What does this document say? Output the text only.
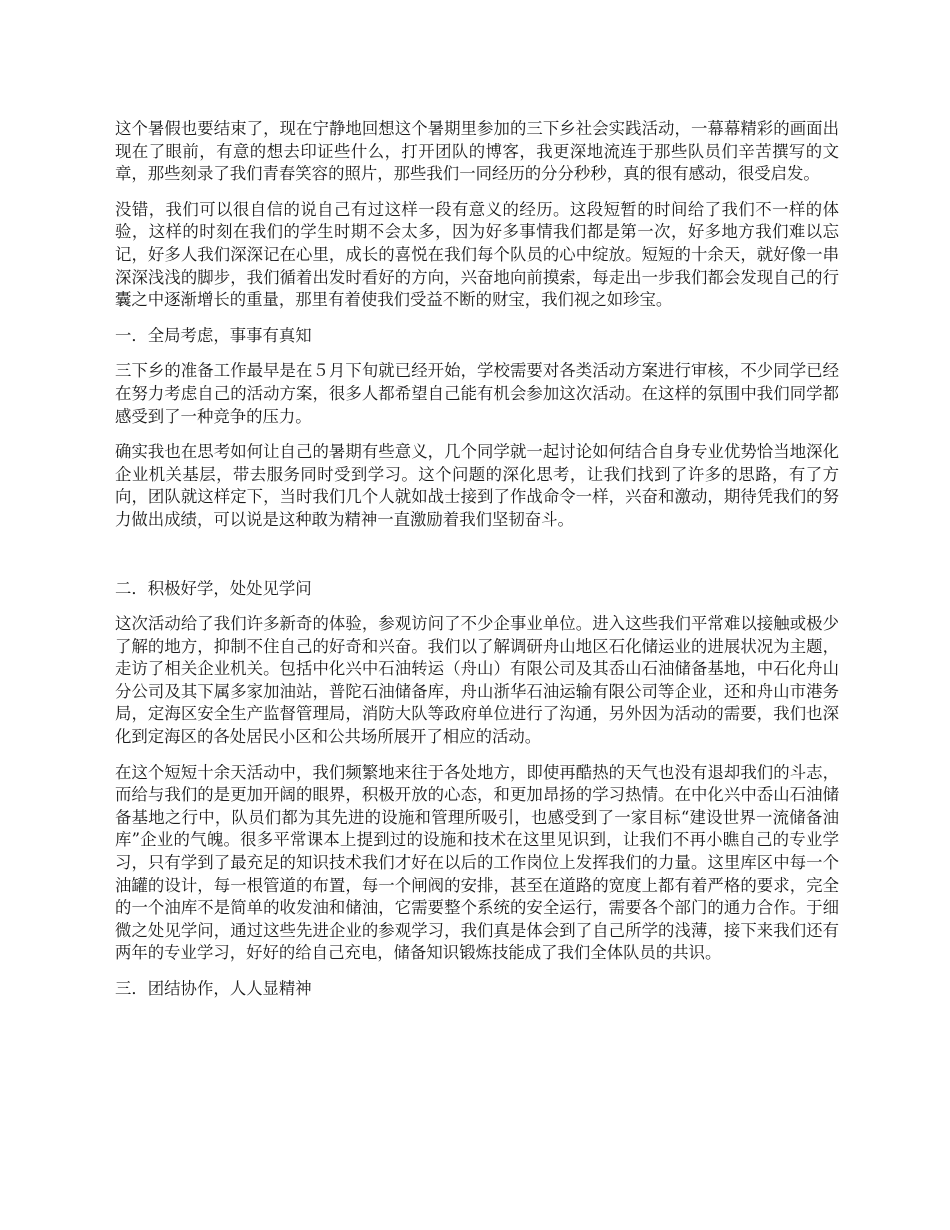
这个暑假也要结束了，现在宁静地回想这个暑期里参加的三下乡社会实践活动，一幕幕精彩的画面出现在了眼前，有意的想去印证些什么，打开团队的博客，我更深地流连于那些队员们辛苦撰写的文章，那些刻录了我们青春笑容的照片，那些我们一同经历的分分秒秒，真的很有感动，很受启发。

没错，我们可以很自信的说自己有过这样一段有意义的经历。这段短暂的时间给了我们不一样的体验，这样的时刻在我们的学生时期不会太多，因为好多事情我们都是第一次，好多地方我们难以忘记，好多人我们深深记在心里，成长的喜悦在我们每个队员的心中绽放。短短的十余天，就好像一串深深浅浅的脚步，我们循着出发时看好的方向，兴奋地向前摸索，每走出一步我们都会发现自己的行囊之中逐渐增长的重量，那里有着使我们受益不断的财宝，我们视之如珍宝。

一．全局考虑，事事有真知

三下乡的准备工作最早是在５月下旬就已经开始，学校需要对各类活动方案进行审核，不少同学已经在努力考虑自己的活动方案，很多人都希望自己能有机会参加这次活动。在这样的氛围中我们同学都感受到了一种竞争的压力。

确实我也在思考如何让自己的暑期有些意义，几个同学就一起讨论如何结合自身专业优势恰当地深化企业机关基层，带去服务同时受到学习。这个问题的深化思考，让我们找到了许多的思路，有了方向，团队就这样定下，当时我们几个人就如战士接到了作战命令一样，兴奋和激动，期待凭我们的努力做出成绩，可以说是这种敢为精神一直激励着我们坚韧奋斗。

二．积极好学，处处见学问

这次活动给了我们许多新奇的体验，参观访问了不少企事业单位。进入这些我们平常难以接触或极少了解的地方，抑制不住自己的好奇和兴奋。我们以了解调研舟山地区石化储运业的进展状况为主题，走访了相关企业机关。包括中化兴中石油转运（舟山）有限公司及其岙山石油储备基地，中石化舟山分公司及其下属多家加油站，普陀石油储备库，舟山浙华石油运输有限公司等企业，还和舟山市港务局，定海区安全生产监督管理局，消防大队等政府单位进行了沟通，另外因为活动的需要，我们也深化到定海区的各处居民小区和公共场所展开了相应的活动。

在这个短短十余天活动中，我们频繁地来往于各处地方，即使再酷热的天气也没有退却我们的斗志，而给与我们的是更加开阔的眼界，积极开放的心态，和更加昂扬的学习热情。在中化兴中岙山石油储备基地之行中，队员们都为其先进的设施和管理所吸引，也感受到了一家目标“建设世界一流储备油库”企业的气魄。很多平常课本上提到过的设施和技术在这里见识到，让我们不再小瞧自己的专业学习，只有学到了最充足的知识技术我们才好在以后的工作岗位上发挥我们的力量。这里库区中每一个油罐的设计，每一根管道的布置，每一个闸阀的安排，甚至在道路的宽度上都有着严格的要求，完全的一个油库不是简单的收发油和储油，它需要整个系统的安全运行，需要各个部门的通力合作。于细微之处见学问，通过这些先进企业的参观学习，我们真是体会到了自己所学的浅薄，接下来我们还有两年的专业学习，好好的给自己充电，储备知识锻炼技能成了我们全体队员的共识。

三．团结协作，人人显精神
